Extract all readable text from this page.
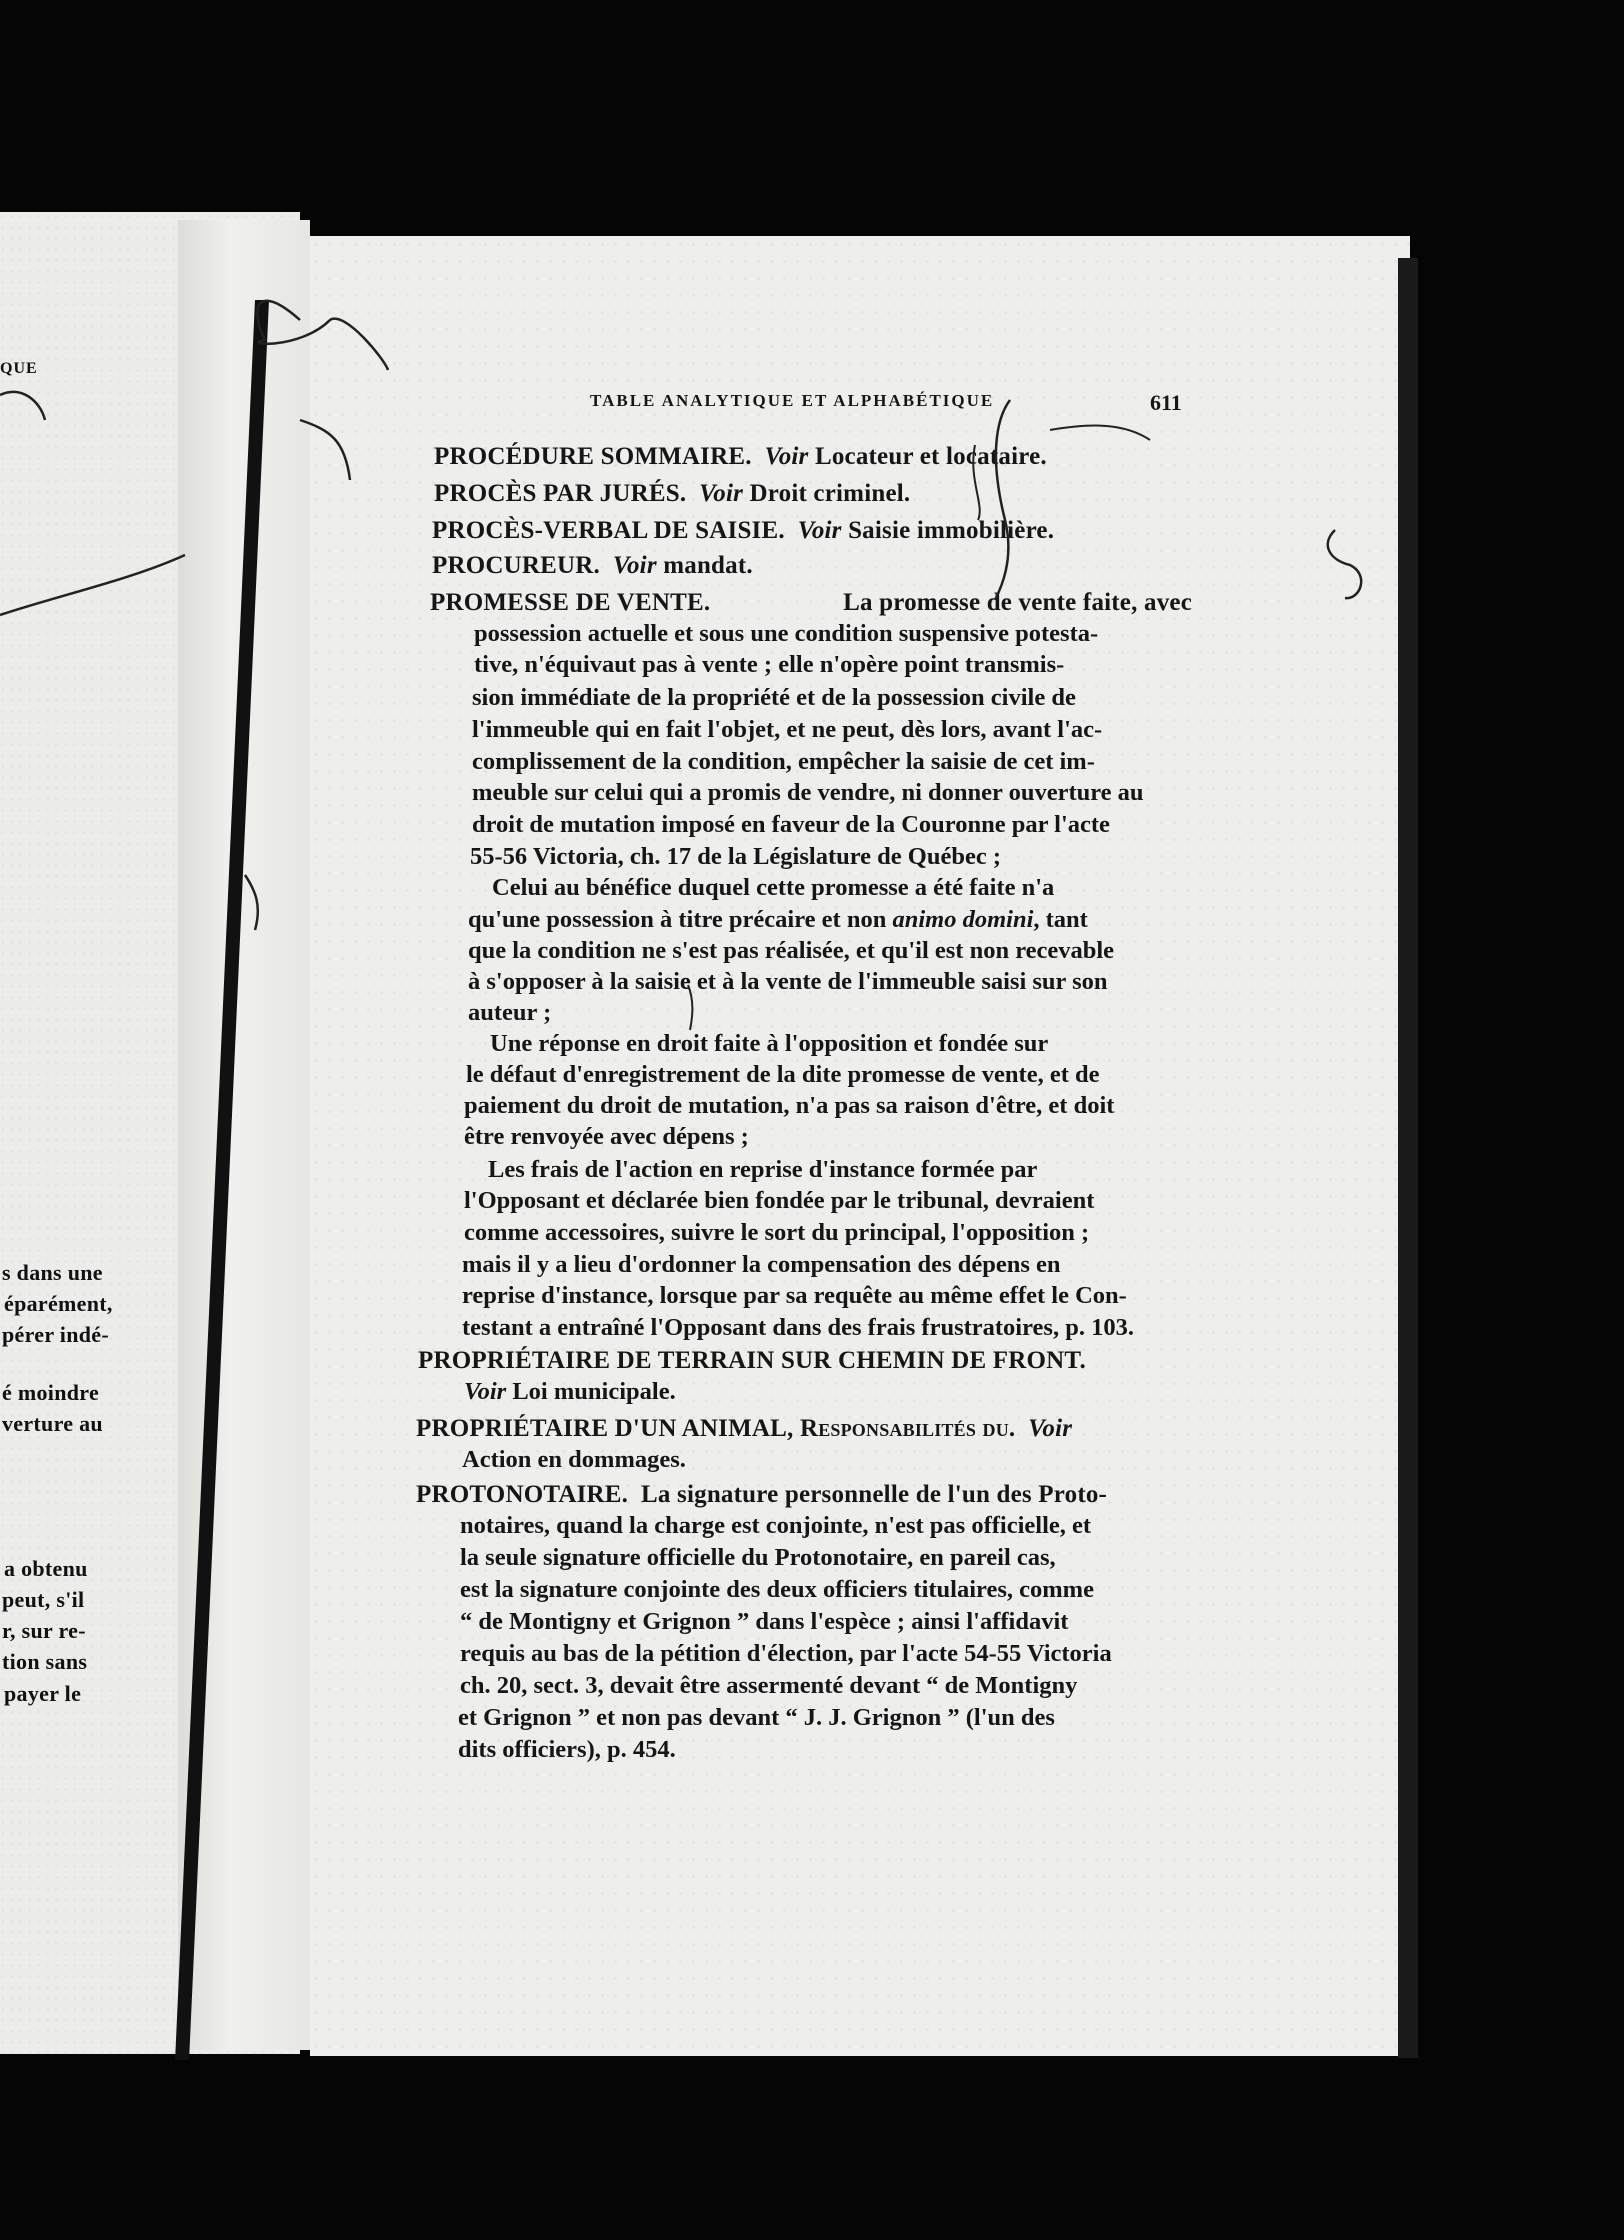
QUE
s dans une
éparément,
pérer indé-
é moindre
verture au
a obtenu
peut, s'il
r, sur re-
tion sans
payer le
TABLE ANALYTIQUE ET ALPHABÉTIQUE	611
PROCÉDURE SOMMAIRE. Voir Locateur et locataire.
PROCÈS PAR JURÉS. Voir Droit criminel.
PROCÈS-VERBAL DE SAISIE. Voir Saisie immobilière.
PROCUREUR. Voir mandat.
PROMESSE DE VENTE.	La promesse de vente faite, avec
possession actuelle et sous une condition suspensive potesta-
tive, n'équivaut pas à vente ; elle n'opère point transmis-
sion immédiate de la propriété et de la possession civile de
l'immeuble qui en fait l'objet, et ne peut, dès lors, avant l'ac-
complissement de la condition, empêcher la saisie de cet im-
meuble sur celui qui a promis de vendre, ni donner ouverture au
droit de mutation imposé en faveur de la Couronne par l'acte
55-56 Victoria, ch. 17 de la Législature de Québec ;
Celui au bénéfice duquel cette promesse a été faite n'a
qu'une possession à titre précaire et non animo domini, tant
que la condition ne s'est pas réalisée, et qu'il est non recevable
à s'opposer à la saisie et à la vente de l'immeuble saisi sur son
auteur ;
Une réponse en droit faite à l'opposition et fondée sur
le défaut d'enregistrement de la dite promesse de vente, et de
paiement du droit de mutation, n'a pas sa raison d'être, et doit
être renvoyée avec dépens ;
Les frais de l'action en reprise d'instance formée par
l'Opposant et déclarée bien fondée par le tribunal, devraient
comme accessoires, suivre le sort du principal, l'opposition ;
mais il y a lieu d'ordonner la compensation des dépens en
reprise d'instance, lorsque par sa requête au même effet le Con-
testant a entraîné l'Opposant dans des frais frustratoires, p. 103.
PROPRIÉTAIRE DE TERRAIN SUR CHEMIN DE FRONT.
Voir Loi municipale.
PROPRIÉTAIRE D'UN ANIMAL, Responsabilités du. Voir
Action en dommages.
PROTONOTAIRE. La signature personnelle de l'un des Proto-
notaires, quand la charge est conjointe, n'est pas officielle, et
la seule signature officielle du Protonotaire, en pareil cas,
est la signature conjointe des deux officiers titulaires, comme
“ de Montigny et Grignon ” dans l'espèce ; ainsi l'affidavit
requis au bas de la pétition d'élection, par l'acte 54-55 Victoria
ch. 20, sect. 3, devait être assermenté devant “ de Montigny
et Grignon ” et non pas devant “ J. J. Grignon ” (l'un des
dits officiers), p. 454.
